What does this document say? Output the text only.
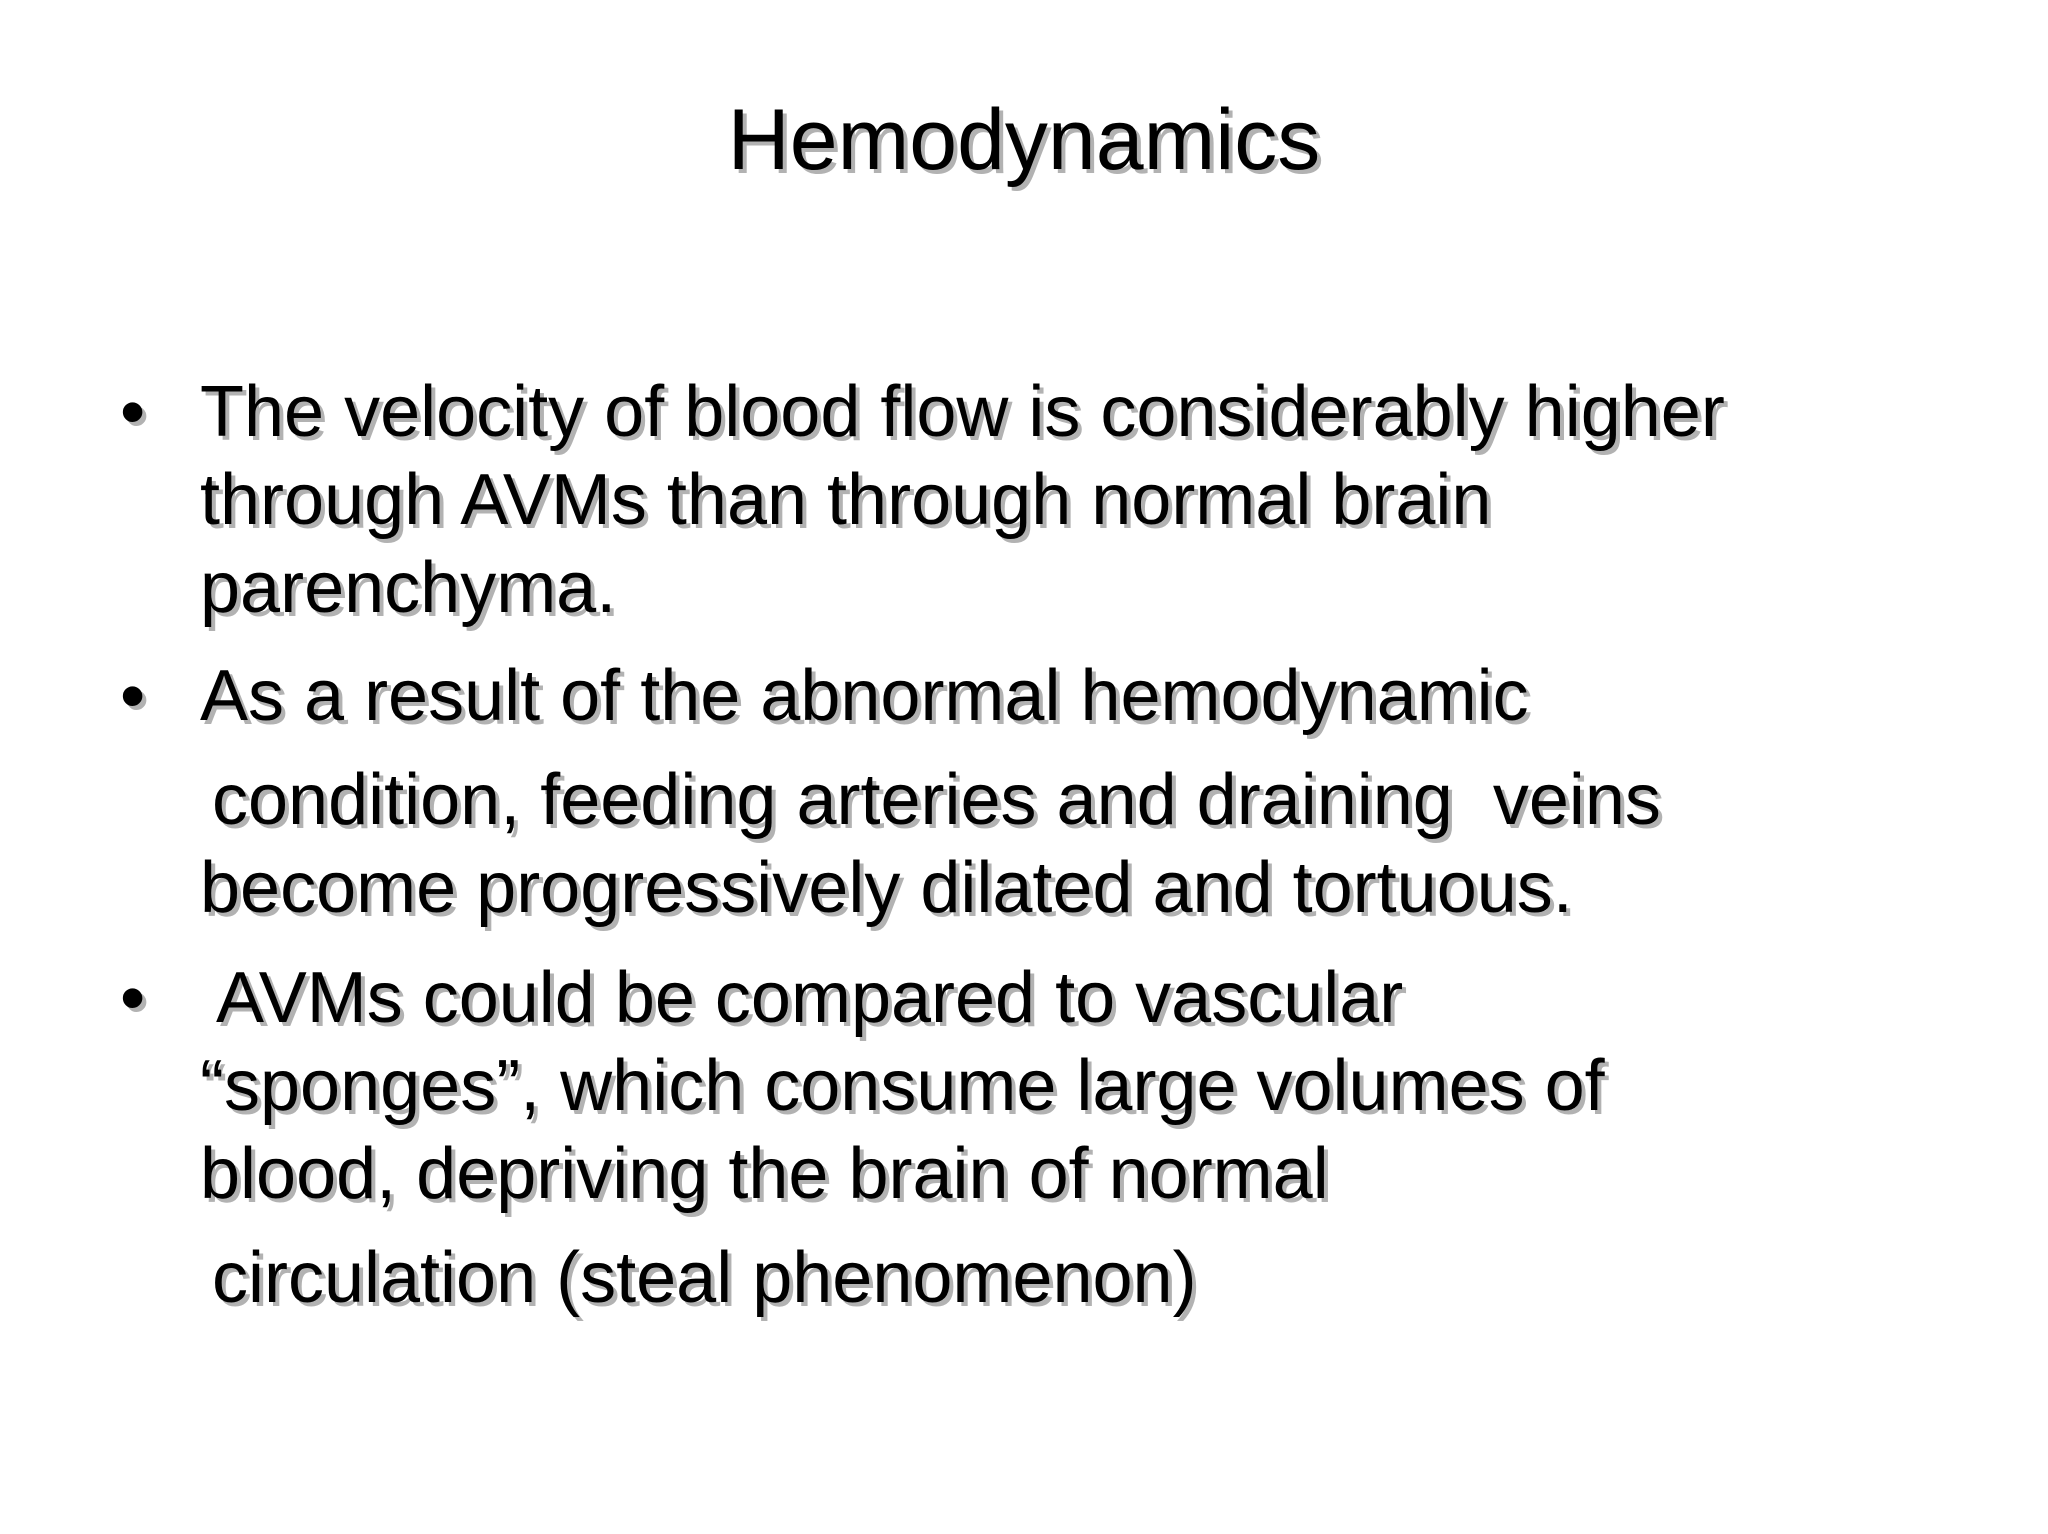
Hemodynamics
• The velocity of blood flow is considerably higher
through AVMs than through normal brain
parenchyma.
• As a result of the abnormal hemodynamic
condition, feeding arteries and draining  veins
become progressively dilated and tortuous.
• AVMs could be compared to vascular
“sponges”, which consume large volumes of
blood, depriving the brain of normal
circulation (steal phenomenon)
